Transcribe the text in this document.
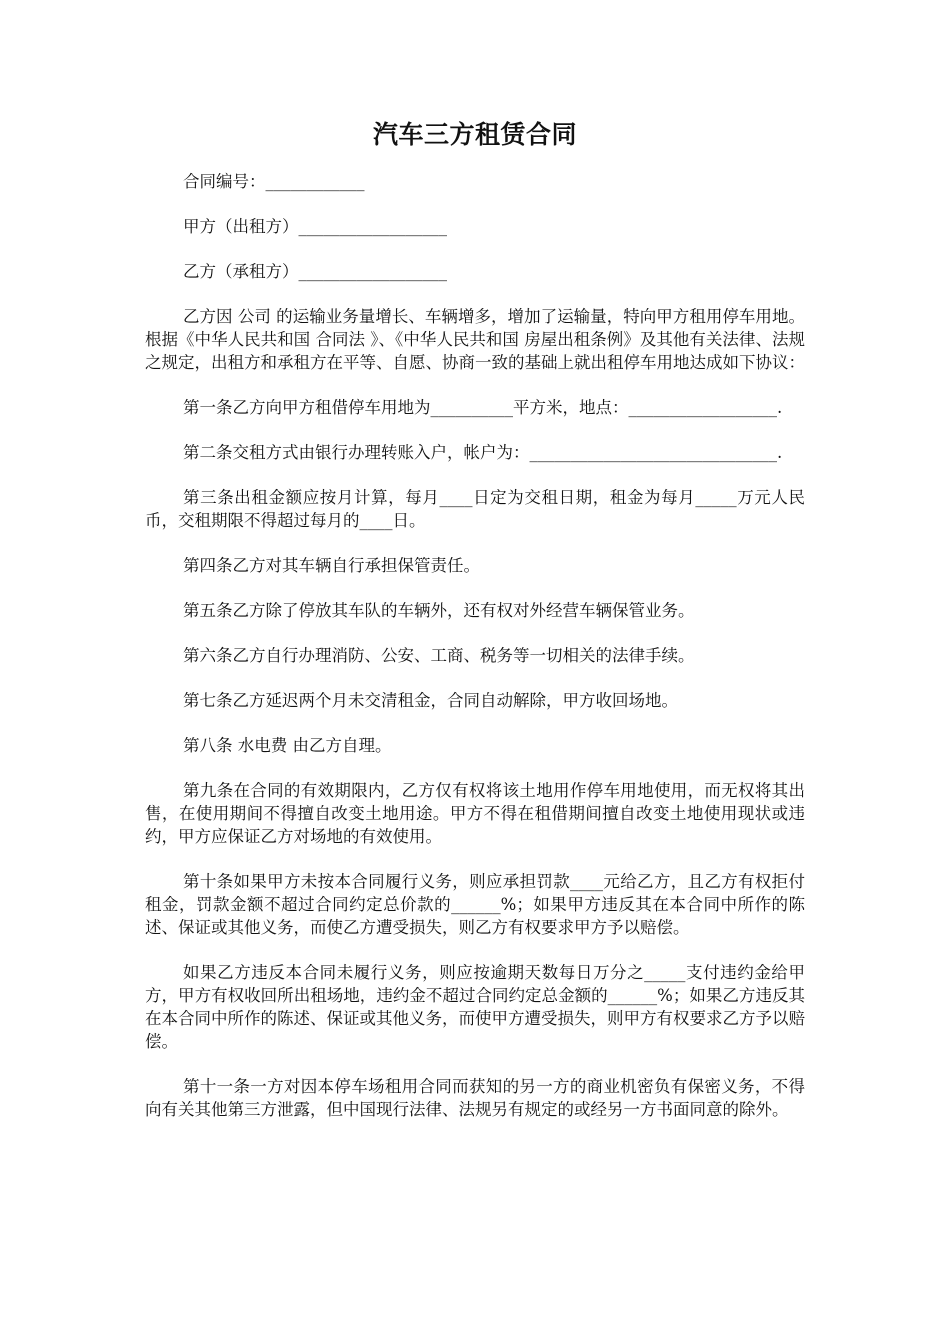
汽车三方租赁合同

合同编号：____________

甲方（出租方）__________________

乙方（承租方）__________________

乙方因 公司 的运输业务量增长、车辆增多，增加了运输量，特向甲方租用停车用地。根据《中华人民共和国 合同法 》、《中华人民共和国 房屋出租条例》及其他有关法律、法规之规定，出租方和承租方在平等、自愿、协商一致的基础上就出租停车用地达成如下协议：

第一条乙方向甲方租借停车用地为__________平方米，地点：__________________.

第二条交租方式由银行办理转账入户，帐户为：______________________________.

第三条出租金额应按月计算，每月____日定为交租日期，租金为每月_____万元人民币，交租期限不得超过每月的____日。

第四条乙方对其车辆自行承担保管责任。

第五条乙方除了停放其车队的车辆外，还有权对外经营车辆保管业务。

第六条乙方自行办理消防、公安、工商、税务等一切相关的法律手续。

第七条乙方延迟两个月未交清租金，合同自动解除，甲方收回场地。

第八条 水电费 由乙方自理。

第九条在合同的有效期限内，乙方仅有权将该土地用作停车用地使用，而无权将其出售，在使用期间不得擅自改变土地用途。甲方不得在租借期间擅自改变土地使用现状或违约，甲方应保证乙方对场地的有效使用。

第十条如果甲方未按本合同履行义务，则应承担罚款____元给乙方，且乙方有权拒付租金，罚款金额不超过合同约定总价款的______%；如果甲方违反其在本合同中所作的陈述、保证或其他义务，而使乙方遭受损失，则乙方有权要求甲方予以赔偿。

如果乙方违反本合同未履行义务，则应按逾期天数每日万分之_____支付违约金给甲方，甲方有权收回所出租场地，违约金不超过合同约定总金额的______%；如果乙方违反其在本合同中所作的陈述、保证或其他义务，而使甲方遭受损失，则甲方有权要求乙方予以赔偿。

第十一条一方对因本停车场租用合同而获知的另一方的商业机密负有保密义务，不得向有关其他第三方泄露，但中国现行法律、法规另有规定的或经另一方书面同意的除外。
